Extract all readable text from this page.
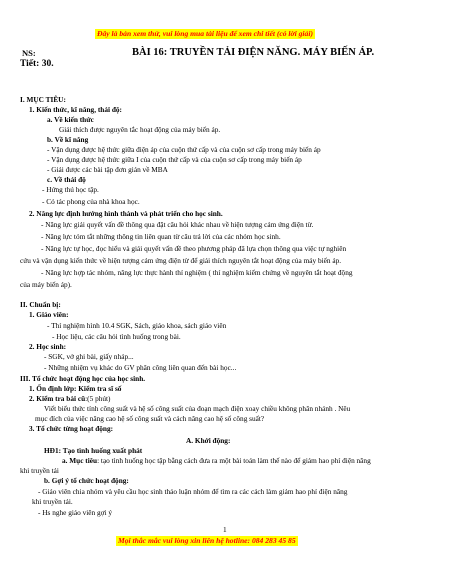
Đây là bản xem thử, vui lòng mua tài liệu để xem chi tiết (có lời giải)
NS:	BÀI 16: TRUYỀN TẢI ĐIỆN NĂNG. MÁY BIẾN ÁP.
Tiết: 30.
I. MỤC TIÊU:
1. Kiến thức, kĩ năng, thái độ:
a. Về kiến thức
Giải thích được nguyên tắc hoạt động của máy biến áp.
b. Về kĩ năng
- Vận dụng được hệ thức giữa điện áp của cuộn thứ cấp và của cuộn sơ cấp trong máy biến áp
- Vận dụng được hệ thức giữa I của cuộn thứ cấp và của cuộn sơ cấp trong máy biến áp
- Giải được các bài tập đơn giản về MBA
c. Về thái độ
- Hứng thú học tập.
- Có tác phong của nhà khoa học.
2. Năng lực định hướng hình thành và phát triển cho học sinh.
- Năng lực giải quyết vấn đề thông qua đặt câu hỏi khác nhau về hiện tượng cảm ứng điện từ.
- Năng lực tóm tắt những thông tin liên quan từ câu trả lời của các nhóm học sinh.
- Năng lực tự học, đọc hiểu và giải quyết vấn đề theo phương pháp đã lựa chọn thông qua việc tự nghiên
cứu và vận dụng kiến thức về hiện tượng cảm ứng điện từ để giải thích nguyên tắt hoạt động của máy biến áp.
- Năng lực hợp tác nhóm, năng lực thực hành thí nghiệm ( thí nghiệm kiểm chứng về nguyên tắt hoạt động
của máy biến áp).
II. Chuẩn bị:
1. Giáo viên:
- Thí nghiệm hình 10.4 SGK, Sách, giáo khoa, sách giáo viên
- Học liệu, các câu hỏi tình huống trong bài.
2. Học sinh:
- SGK, vở ghi bài, giấy nháp...
- Những nhiệm vụ khác do GV phân công liên quan đến bài học...
III. Tổ chức hoạt động học của học sinh.
1. Ổn định lớp: Kiểm tra sĩ số
2. Kiểm tra bài cũ:(5 phút)
Viết biểu thức tính công suất và hệ số công suất của đoạn mạch điện xoay chiều không phân nhánh . Nêu
mục đích của việc nâng cao hệ số công suất và cách nâng cao hệ số công suất?
3. Tổ chức từng hoạt động:
A. Khởi động:
HĐ1: Tạo tình huống xuất phát
a. Mục tiêu: tạo tình huống học tập bằng cách đưa ra một bài toán làm thế nào để giảm hao phí điện năng
khi truyền tải
b. Gợi ý tổ chức hoạt động:
- Giáo viên chia nhóm và yêu cầu học sinh thảo luận nhóm để tìm ra các cách làm giảm hao phí điện năng
khi truyền tải.
- Hs nghe giáo viên gợi ý
1
Mọi thắc mắc vui lòng xin liên hệ hotline: 084 283 45 85
